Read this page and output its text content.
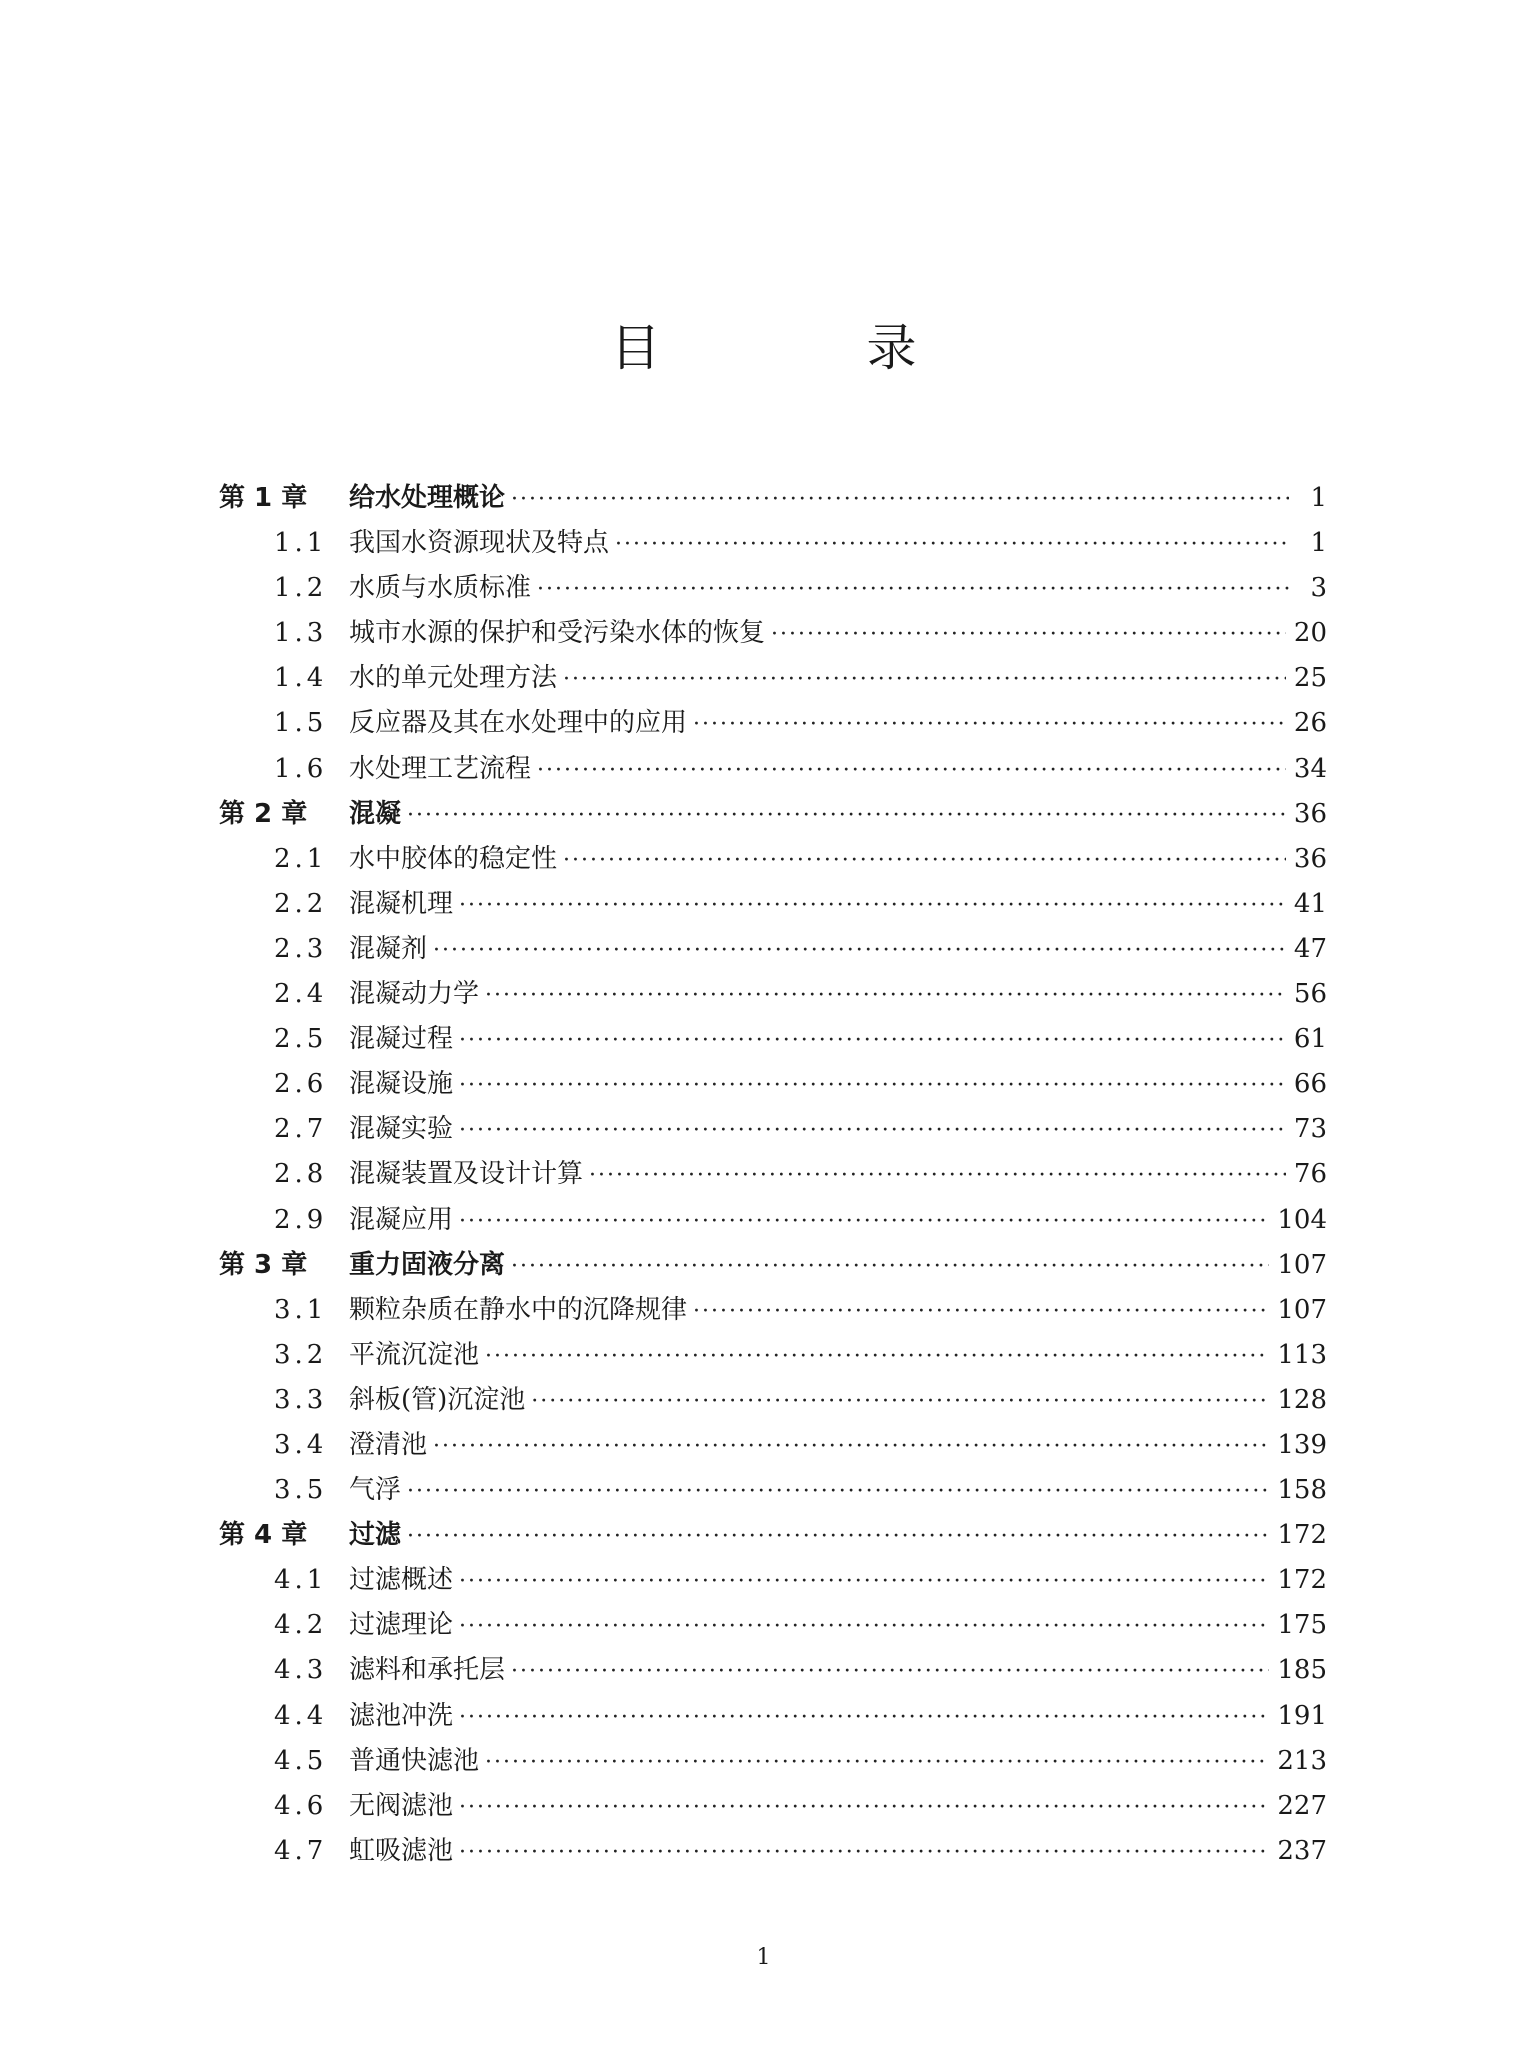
目 录
第 1 章	给水处理概论 ·····	1
1.1 我国水资源现状及特点 ·····	1
1.2 水质与水质标准 ·····	3
1.3 城市水源的保护和受污染水体的恢复 ·····	20
1.4 水的单元处理方法 ·····	25
1.5 反应器及其在水处理中的应用 ·····	26
1.6 水处理工艺流程 ·····	34
第 2 章	混凝 ·····	36
2.1 水中胶体的稳定性 ·····	36
2.2 混凝机理 ·····	41
2.3 混凝剂 ·····	47
2.4 混凝动力学 ·····	56
2.5 混凝过程 ·····	61
2.6 混凝设施 ·····	66
2.7 混凝实验 ·····	73
2.8 混凝装置及设计计算 ·····	76
2.9 混凝应用 ·····	104
第 3 章	重力固液分离 ·····	107
3.1 颗粒杂质在静水中的沉降规律 ·····	107
3.2 平流沉淀池 ·····	113
3.3 斜板(管)沉淀池 ·····	128
3.4 澄清池 ·····	139
3.5 气浮 ·····	158
第 4 章	过滤 ·····	172
4.1 过滤概述 ·····	172
4.2 过滤理论 ·····	175
4.3 滤料和承托层 ·····	185
4.4 滤池冲洗 ·····	191
4.5 普通快滤池 ·····	213
4.6 无阀滤池 ·····	227
4.7 虹吸滤池 ·····	237
1
